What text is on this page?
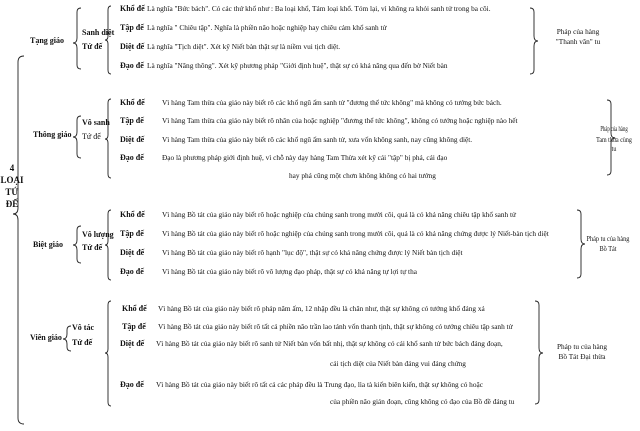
4
LOẠI
TỨ
ĐẾ
Tạng giáo
Sanh diệt
Tứ đế
Khổ đế Là nghĩa "Bức bách". Có các thứ khổ như : Ba loại khổ, Tám loại khổ. Tóm lại, vì không ra khỏi sanh tử trong ba cõi.
Tập đế Là nghĩa " Chiêu tập". Nghĩa là phiền não hoặc nghiệp hay chiêu cảm khổ sanh tử
Diệt đế Là nghĩa "Tịch diệt". Xét kỹ Niết bàn thật sự là niềm vui tịch diệt.
Đạo đế Là nghĩa "Năng thông". Xét kỹ phương pháp "Giới định huệ", thật sự có khả năng qua đến bờ Niết bàn
Pháp của hàng
"Thanh văn" tu
Thông giáo
Vô sanh
Tứ đế
Khổ đế Vì hàng Tam thừa của giáo này biết rõ các khổ ngũ ấm sanh tử "đương thể tức không" mà không có tướng bức bách.
Tập đế Vì hàng Tam thừa của giáo này biết rõ nhân của hoặc nghiệp "đương thể tức không", không có tướng hoặc nghiệp nào hết
Diệt đế Vì hàng Tam thừa của giáo này biết rõ các khổ ngũ ấm sanh tử, xưa vốn không sanh, nay cũng không diệt.
Đạo đế Đạo là phương pháp giới định huệ, vì chỗ này dạy hàng Tam Thừa xét kỹ cái "tập" bị phá, cái đạo
hay phá cũng một chơn không không có hai tướng
Pháp của hàng
Tam thừa cùng tu
Biệt giáo
Vô lượng
Tứ đế
Khổ đế Vì hàng Bồ tát của giáo này biết rõ hoặc nghiệp của chúng sanh trong mười cõi, quả là có khả năng chiêu tập khổ sanh tử
Tập đế Vì hàng Bồ tát của giáo này biết rõ hoặc nghiệp của chúng sanh trong mười cõi, quả là có khả năng chứng được lý Niết-bàn tịch diệt
Diệt đế Vì hàng Bồ tát của giáo này biết rõ hạnh "lục độ", thật sự có khả năng chứng được lý Niết bàn tịch diệt
Đạo đế Vì hàng Bồ tát của giáo này biết rõ vô lượng đạo pháp, thật sự có khả năng tự lợi tự tha
Pháp tu của hàng
Bồ Tát
Viên giáo
Vô tác
Tứ đế
Khổ đế Vì hàng Bồ tát của giáo này biết rõ pháp năm ấm, 12 nhập đều là chân như, thật sự không có tướng khổ đáng xả
Tập đế Vì hàng Bồ tát của giáo này biết rõ tất cả phiền não trần lao tánh vốn thanh tịnh, thật sự không có tướng chiêu tập sanh tử
Diệt đế Vì hàng Bồ tát của giáo này biết rõ sanh tử Niết bàn vốn bất nhị, thật sự không có cái khổ sanh tử bức bách đáng đoạn,
cái tịch diệt của Niết bàn đáng vui đáng chứng
Đạo đế Vì hàng Bồ tát của giáo này biết rõ tất cả các pháp đều là Trung đạo, lìa tà kiến biên kiến, thật sự không có hoặc
của phiền não gián đoạn, cũng không có đạo của Bồ đề đáng tu
Pháp tu của hàng
Bồ Tát Đại thừa
